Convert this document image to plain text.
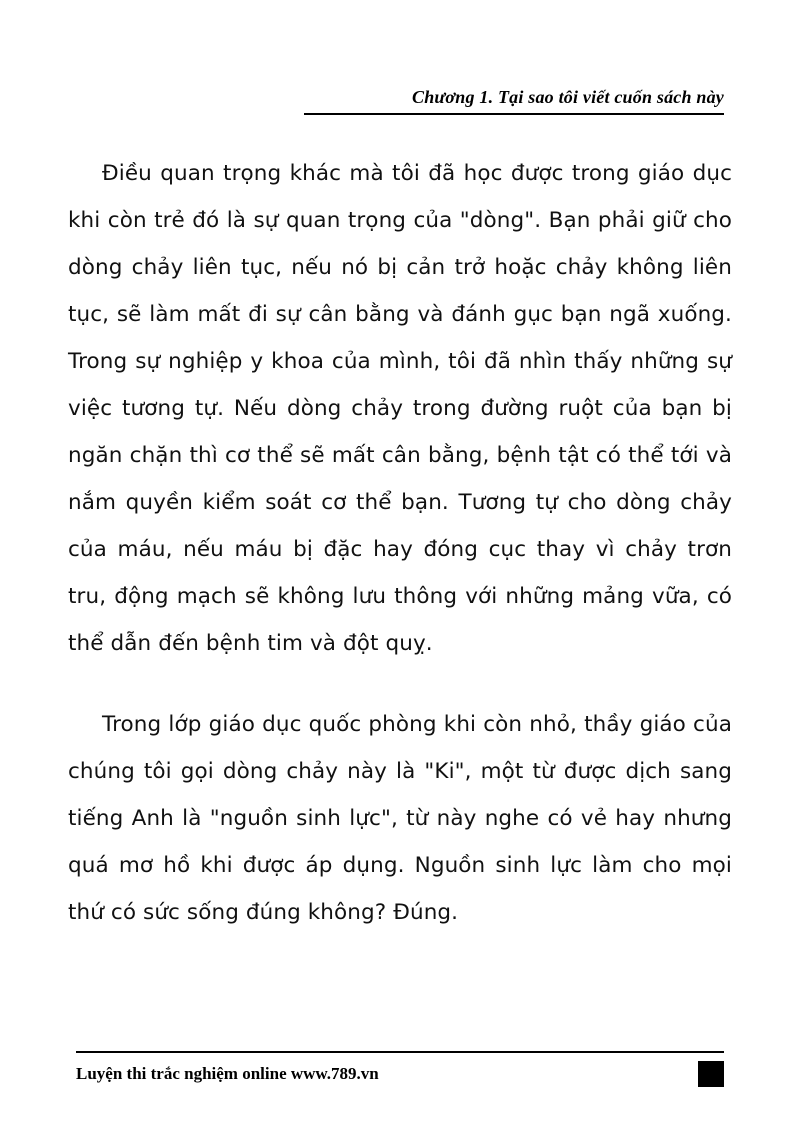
Chương 1. Tại sao tôi viết cuốn sách này

Điều quan trọng khác mà tôi đã học được trong giáo dục khi còn trẻ đó là sự quan trọng của "dòng". Bạn phải giữ cho dòng chảy liên tục, nếu nó bị cản trở hoặc chảy không liên tục, sẽ làm mất đi sự cân bằng và đánh gục bạn ngã xuống. Trong sự nghiệp y khoa của mình, tôi đã nhìn thấy những sự việc tương tự. Nếu dòng chảy trong đường ruột của bạn bị ngăn chặn thì cơ thể sẽ mất cân bằng, bệnh tật có thể tới và nắm quyền kiểm soát cơ thể bạn. Tương tự cho dòng chảy của máu, nếu máu bị đặc hay đóng cục thay vì chảy trơn tru, động mạch sẽ không lưu thông với những mảng vữa, có thể dẫn đến bệnh tim và đột quỵ.

Trong lớp giáo dục quốc phòng khi còn nhỏ, thầy giáo của chúng tôi gọi dòng chảy này là "Ki", một từ được dịch sang tiếng Anh là "nguồn sinh lực", từ này nghe có vẻ hay nhưng quá mơ hồ khi được áp dụng. Nguồn sinh lực làm cho mọi thứ có sức sống đúng không? Đúng.

Luyện thi trắc nghiệm online www.789.vn
